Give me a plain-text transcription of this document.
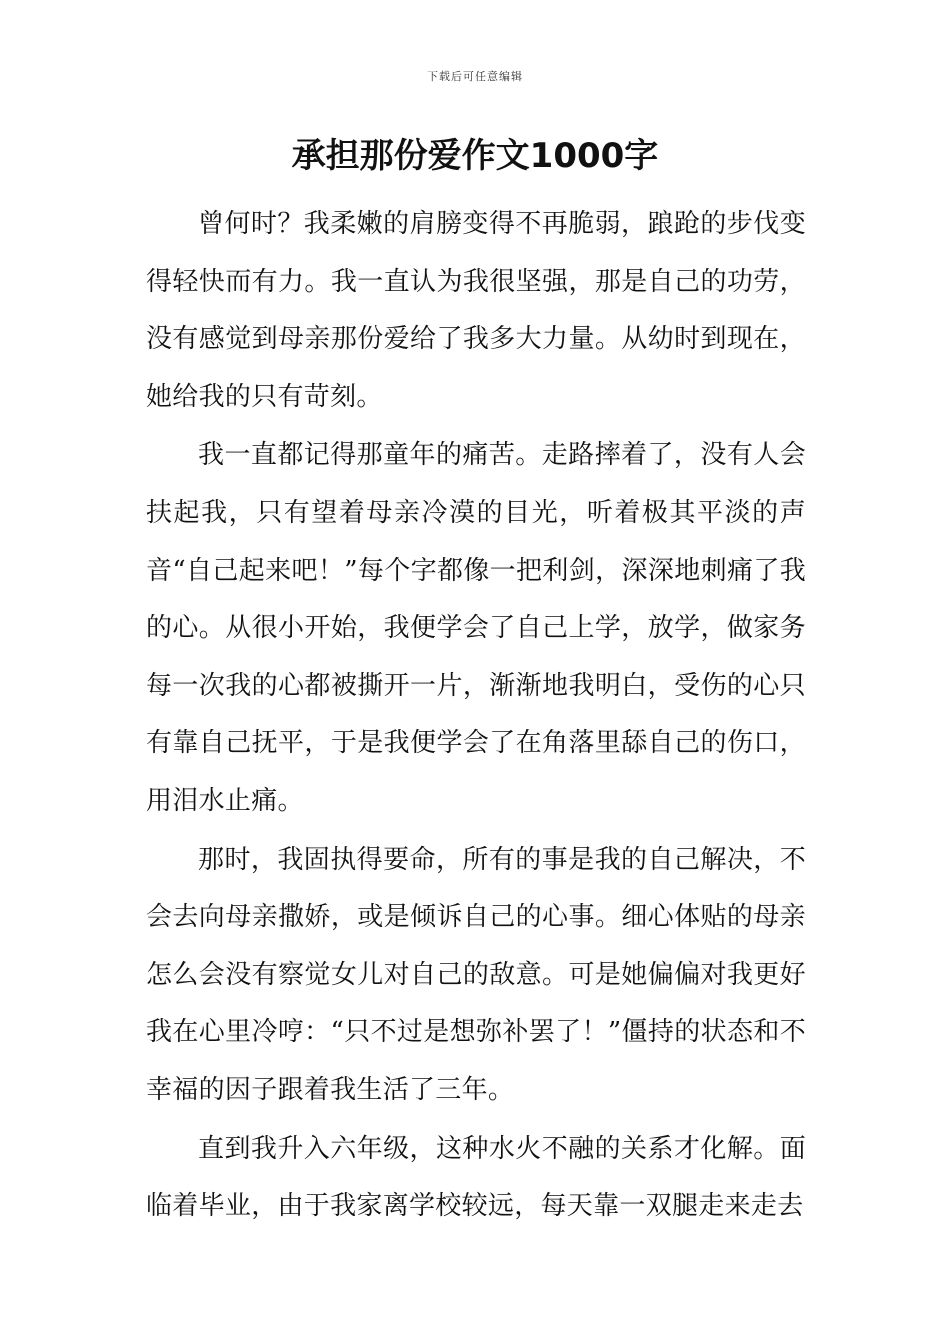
下载后可任意编辑
承担那份爱作文1000字

曾何时？我柔嫩的肩膀变得不再脆弱，踉跄的步伐变得轻快而有力。我一直认为我很坚强，那是自己的功劳，没有感觉到母亲那份爱给了我多大力量。从幼时到现在，她给我的只有苛刻。

我一直都记得那童年的痛苦。走路摔着了，没有人会扶起我，只有望着母亲冷漠的目光，听着极其平淡的声音“自己起来吧！”每个字都像一把利剑，深深地刺痛了我的心。从很小开始，我便学会了自己上学，放学，做家务每一次我的心都被撕开一片，渐渐地我明白，受伤的心只有靠自己抚平，于是我便学会了在角落里舔自己的伤口，用泪水止痛。

那时，我固执得要命，所有的事是我的自己解决，不会去向母亲撒娇，或是倾诉自己的心事。细心体贴的母亲怎么会没有察觉女儿对自己的敌意。可是她偏偏对我更好我在心里冷哼：“只不过是想弥补罢了！”僵持的状态和不幸福的因子跟着我生活了三年。

直到我升入六年级，这种水火不融的关系才化解。面临着毕业，由于我家离学校较远，每天靠一双腿走来走去
